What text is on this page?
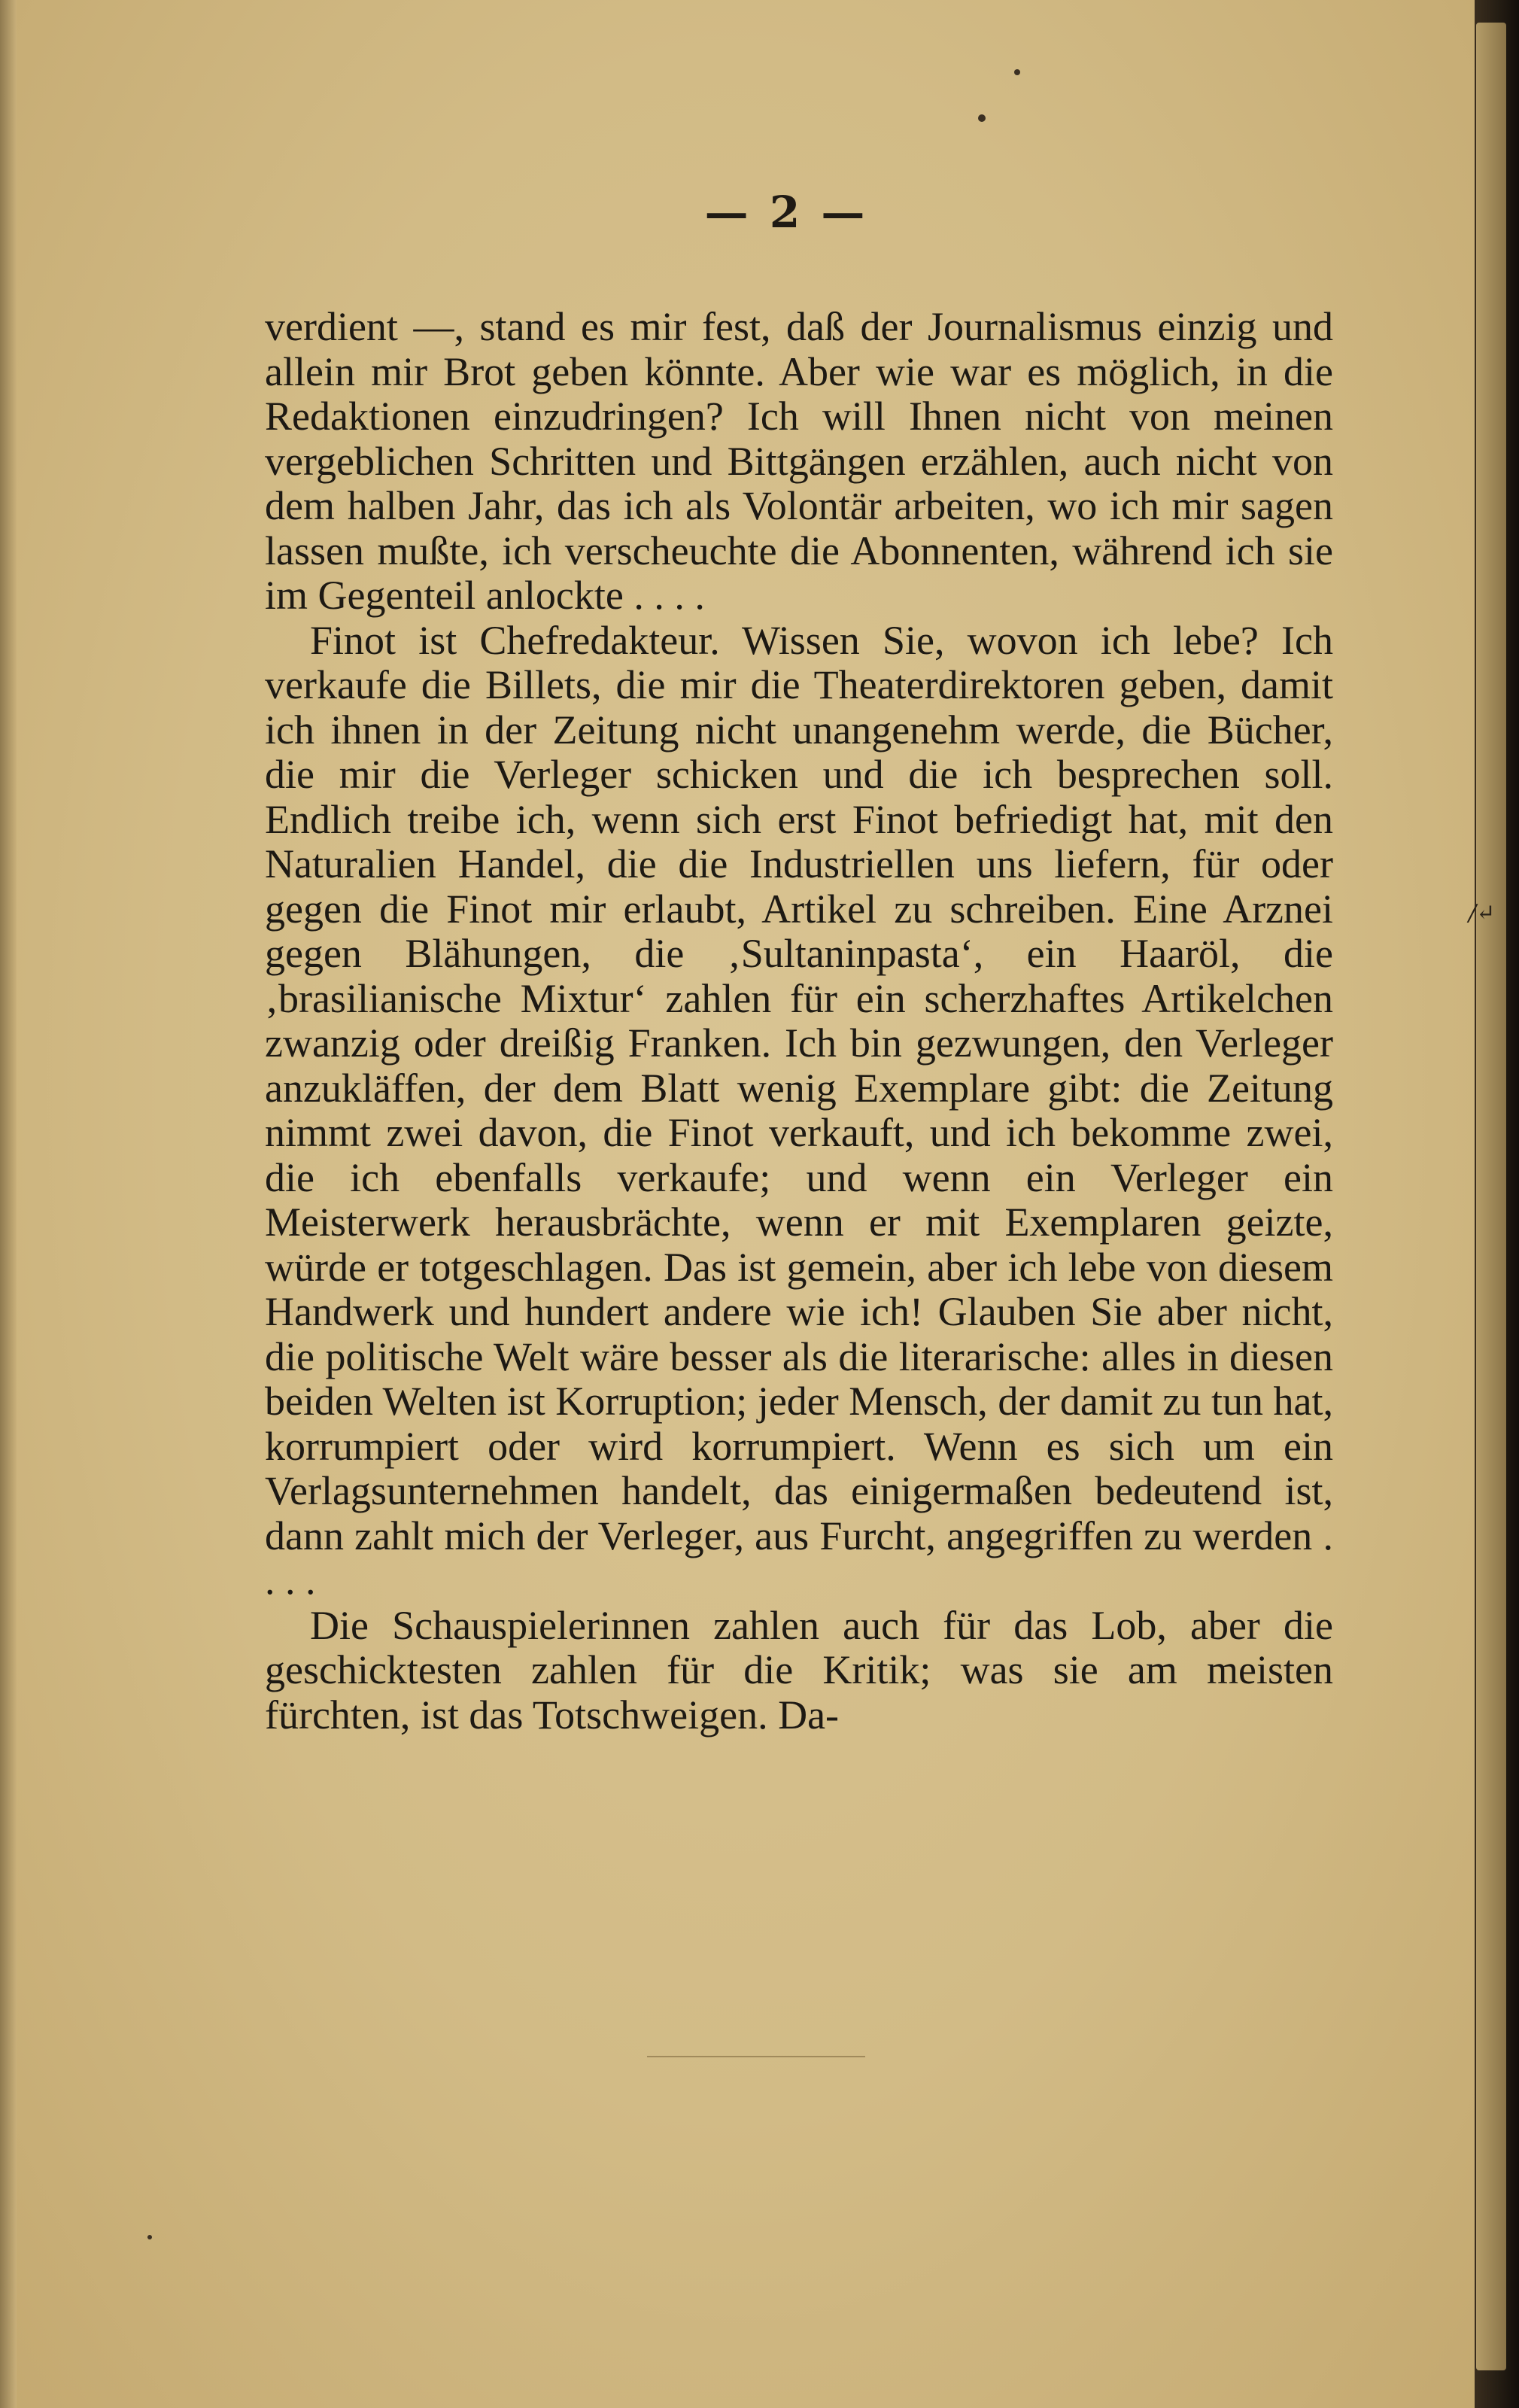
— 2 —

verdient —, stand es mir fest, daß der Journalismus einzig und allein mir Brot geben könnte. Aber wie war es möglich, in die Redaktionen einzudringen? Ich will Ihnen nicht von meinen vergeblichen Schritten und Bittgängen erzählen, auch nicht von dem halben Jahr, das ich als Volontär arbeiten, wo ich mir sagen lassen mußte, ich verscheuchte die Abonnenten, während ich sie im Gegenteil anlockte . . . .

Finot ist Chefredakteur. Wissen Sie, wovon ich lebe? Ich verkaufe die Billets, die mir die Theaterdirektoren geben, damit ich ihnen in der Zeitung nicht unangenehm werde, die Bücher, die mir die Verleger schicken und die ich besprechen soll. Endlich treibe ich, wenn sich erst Finot befriedigt hat, mit den Naturalien Handel, die die Industriellen uns liefern, für oder gegen die Finot mir erlaubt, Artikel zu schreiben. Eine Arznei gegen Blähungen, die ‚Sultaninpasta‘, ein Haaröl, die ‚brasilianische Mixtur‘ zahlen für ein scherzhaftes Artikelchen zwanzig oder dreißig Franken. Ich bin gezwungen, den Verleger anzukläffen, der dem Blatt wenig Exemplare gibt: die Zeitung nimmt zwei davon, die Finot verkauft, und ich bekomme zwei, die ich ebenfalls verkaufe; und wenn ein Verleger ein Meisterwerk herausbrächte, wenn er mit Exemplaren geizte, würde er totgeschlagen. Das ist gemein, aber ich lebe von diesem Handwerk und hundert andere wie ich! Glauben Sie aber nicht, die politische Welt wäre besser als die literarische: alles in diesen beiden Welten ist Korruption; jeder Mensch, der damit zu tun hat, korrumpiert oder wird korrumpiert. Wenn es sich um ein Verlagsunternehmen handelt, das einigermaßen bedeutend ist, dann zahlt mich der Verleger, aus Furcht, angegriffen zu werden . . . .

Die Schauspielerinnen zahlen auch für das Lob, aber die geschicktesten zahlen für die Kritik; was sie am meisten fürchten, ist das Totschweigen. Da-

/↵
